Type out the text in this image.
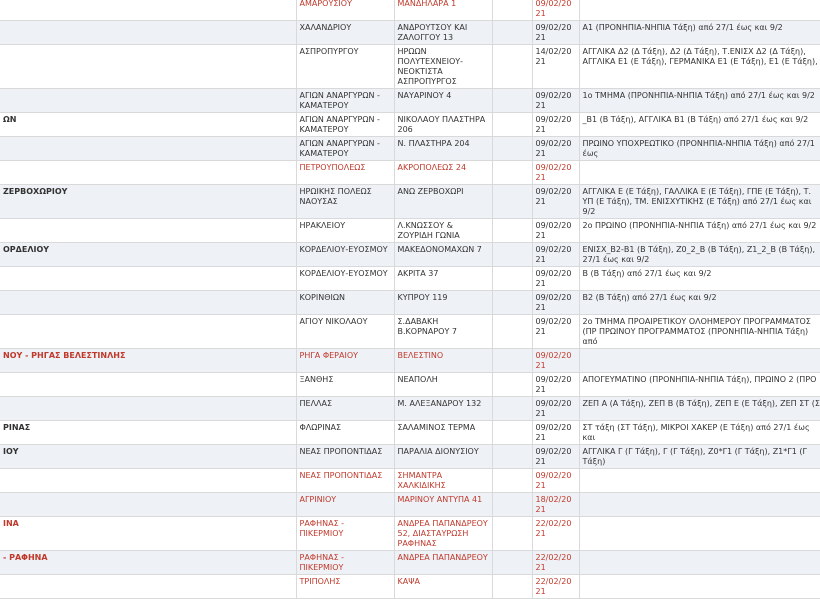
	ΑΜΑΡΟΥΣΙΟΥ	ΜΑΝΔΗΛΑΡΑ 1		09/02/2021	
	ΧΑΛΑΝΔΡΙΟΥ	ΑΝΔΡΟΥΤΣΟΥ ΚΑΙ ΖΑΛΟΓΓΟΥ 13		09/02/2021	Α1 (ΠΡΟΝΗΠΙΑ-ΝΗΠΙΑ Τάξη) από 27/1 έως και 9/2
	ΑΣΠΡΟΠΥΡΓΟΥ	ΗΡΩΩΝ ΠΟΛΥΤΕΧΝΕΙΟΥ-ΝΕΟΚΤΙΣΤΑ ΑΣΠΡΟΠΥΡΓΟΣ		14/02/2021	ΑΓΓΛΙΚΑ Δ2 (Δ Τάξη), Δ2 (Δ Τάξη), Τ.ΕΝΙΣΧ Δ2 (Δ Τάξη), ΑΓΓΛΙΚΑ Ε1 (Ε Τάξη), ΓΕΡΜΑΝΙΚΑ Ε1 (Ε Τάξη), Ε1 (Ε Τάξη),
	ΑΓΙΩΝ ΑΝΑΡΓΥΡΩΝ - ΚΑΜΑΤΕΡΟΥ	ΝΑΥΑΡΙΝΟΥ 4		09/02/2021	1ο ΤΜΗΜΑ (ΠΡΟΝΗΠΙΑ-ΝΗΠΙΑ Τάξη) από 27/1 έως και 9/2
ΩΝ	ΑΓΙΩΝ ΑΝΑΡΓΥΡΩΝ - ΚΑΜΑΤΕΡΟΥ	ΝΙΚΟΛΑΟΥ ΠΛΑΣΤΗΡΑ 206		09/02/2021	_Β1 (Β Τάξη), ΑΓΓΛΙΚΑ Β1 (Β Τάξη) από 27/1 έως και 9/2
	ΑΓΙΩΝ ΑΝΑΡΓΥΡΩΝ - ΚΑΜΑΤΕΡΟΥ	Ν. ΠΛΑΣΤΗΡΑ 204		09/02/2021	ΠΡΩΙΝΟ ΥΠΟΧΡΕΩΤΙΚΟ (ΠΡΟΝΗΠΙΑ-ΝΗΠΙΑ Τάξη) από 27/1 έως
	ΠΕΤΡΟΥΠΟΛΕΩΣ	ΑΚΡΟΠΟΛΕΩΣ 24		09/02/2021	
ΖΕΡΒΟΧΩΡΙΟΥ	ΗΡΩΙΚΗΣ ΠΟΛΕΩΣ ΝΑΟΥΣΑΣ	ΑΝΩ ΖΕΡΒΟΧΩΡΙ		09/02/2021	ΑΓΓΛΙΚΑ Ε (Ε Τάξη), ΓΑΛΛΙΚΑ Ε (Ε Τάξη), ΓΠΕ (Ε Τάξη), Τ. ΥΠ (Ε Τάξη), ΤΜ. ΕΝΙΣΧΥΤΙΚΗΣ (Ε Τάξη) από 27/1 έως και 9/2
	ΗΡΑΚΛΕΙΟΥ	Λ.ΚΝΩΣΣΟΥ & ΖΟΥΡΙΔΗ ΓΩΝΙΑ		09/02/2021	2ο ΠΡΩΙΝΟ (ΠΡΟΝΗΠΙΑ-ΝΗΠΙΑ Τάξη) από 27/1 έως και 9/2
ΟΡΔΕΛΙΟΥ	ΚΟΡΔΕΛΙΟΥ-ΕΥΟΣΜΟΥ	ΜΑΚΕΔΟΝΟΜΑΧΩΝ 7		09/02/2021	ΕΝΙΣΧ_Β2-Β1 (Β Τάξη), Ζ0_2_Β (Β Τάξη), Ζ1_2_Β (Β Τάξη), 27/1 έως και 9/2
	ΚΟΡΔΕΛΙΟΥ-ΕΥΟΣΜΟΥ	ΑΚΡΙΤΑ 37		09/02/2021	Β (Β Τάξη) από 27/1 έως και 9/2
	ΚΟΡΙΝΘΙΩΝ	ΚΥΠΡΟΥ 119		09/02/2021	Β2 (Β Τάξη) από 27/1 έως και 9/2
	ΑΓΙΟΥ ΝΙΚΟΛΑΟΥ	Σ.ΔΑΒΑΚΗ Β.ΚΟΡΝΑΡΟΥ 7		09/02/2021	2ο ΤΜΗΜΑ ΠΡΟΑΙΡΕΤΙΚΟΥ ΟΛΟΗΜΕΡΟΥ ΠΡΟΓΡΑΜΜΑΤΟΣ (ΠΡ ΠΡΩΙΝΟΥ ΠΡΟΓΡΑΜΜΑΤΟΣ (ΠΡΟΝΗΠΙΑ-ΝΗΠΙΑ Τάξη) από
ΝΟΥ - ΡΗΓΑΣ ΒΕΛΕΣΤΙΝΛΗΣ	ΡΗΓΑ ΦΕΡΑΙΟΥ	ΒΕΛΕΣΤΙΝΟ		09/02/2021	
	ΞΑΝΘΗΣ	ΝΕΑΠΟΛΗ		09/02/2021	ΑΠΟΓΕΥΜΑΤΙΝΟ (ΠΡΟΝΗΠΙΑ-ΝΗΠΙΑ Τάξη), ΠΡΩΙΝΟ 2 (ΠΡΟ
	ΠΕΛΛΑΣ	Μ. ΑΛΕΞΑΝΔΡΟΥ 132		09/02/2021	ΖΕΠ Α (Α Τάξη), ΖΕΠ Β (Β Τάξη), ΖΕΠ Ε (Ε Τάξη), ΖΕΠ ΣΤ (Σ
ΡΙΝΑΣ	ΦΛΩΡΙΝΑΣ	ΣΑΛΑΜΙΝΟΣ ΤΕΡΜΑ		09/02/2021	ΣΤ τάξη (ΣΤ Τάξη), ΜΙΚΡΟΙ ΧΑΚΕΡ (Ε Τάξη) από 27/1 έως και
ΙΟΥ	ΝΕΑΣ ΠΡΟΠΟΝΤΙΔΑΣ	ΠΑΡΑΛΙΑ ΔΙΟΝΥΣΙΟΥ		09/02/2021	ΑΓΓΛΙΚΑ Γ (Γ Τάξη), Γ (Γ Τάξη), Ζ0*Γ1 (Γ Τάξη), Ζ1*Γ1 (Γ Τάξη)
	ΝΕΑΣ ΠΡΟΠΟΝΤΙΔΑΣ	ΣΗΜΑΝΤΡΑ ΧΑΛΚΙΔΙΚΗΣ		09/02/2021	
	ΑΓΡΙΝΙΟΥ	ΜΑΡΙΝΟΥ ΑΝΤΥΠΑ 41		18/02/2021	
ΙΝΑ	ΡΑΦΗΝΑΣ - ΠΙΚΕΡΜΙΟΥ	ΑΝΔΡΕΑ ΠΑΠΑΝΔΡΕΟΥ 52, ΔΙΑΣΤΑΥΡΩΣΗ ΡΑΦΗΝΑΣ		22/02/2021	
- ΡΑΦΗΝΑ	ΡΑΦΗΝΑΣ - ΠΙΚΕΡΜΙΟΥ	ΑΝΔΡΕΑ ΠΑΠΑΝΔΡΕΟΥ		22/02/2021	
	ΤΡΙΠΟΛΗΣ	ΚΑΨΑ		22/02/2021	
